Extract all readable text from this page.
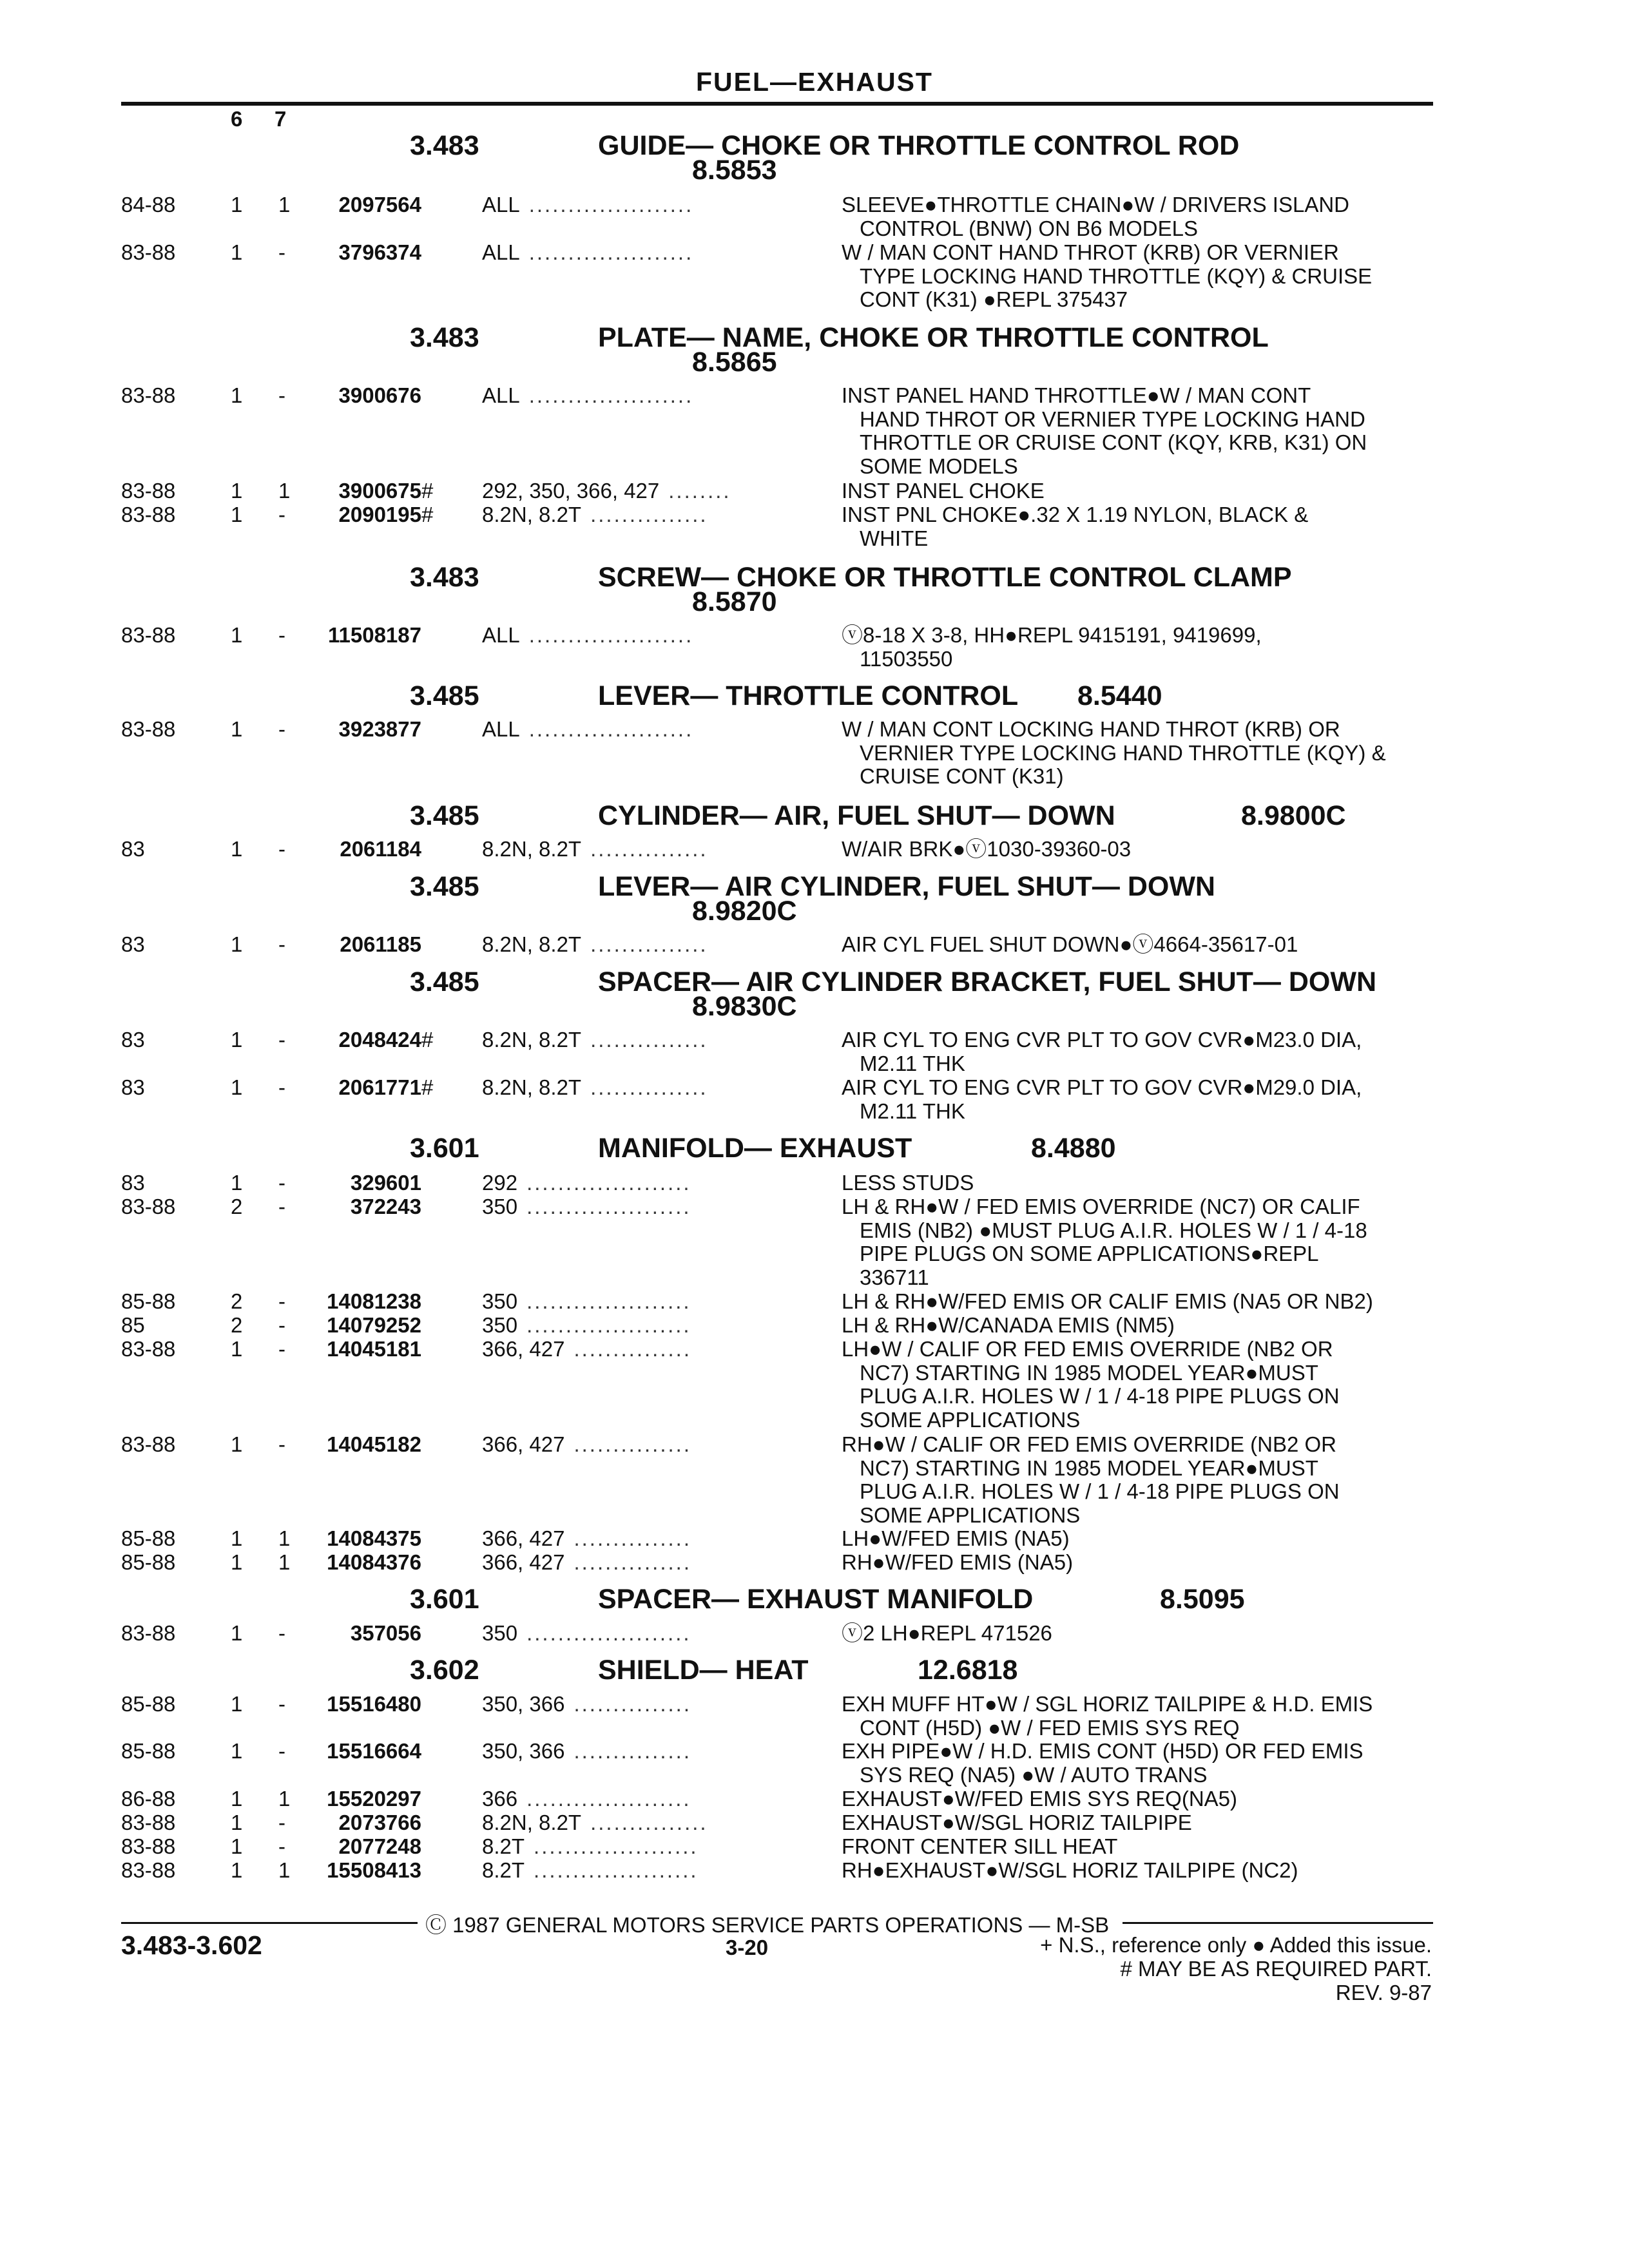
FUEL—EXHAUST
6 7
3.483	GUIDE— CHOKE OR THROTTLE CONTROL ROD
8.5853
84-88	1 1	2097564	ALL .....................	SLEEVE●THROTTLE CHAIN●W / DRIVERS ISLAND
CONTROL (BNW) ON B6 MODELS
83-88	1 -	3796374	ALL .....................	W / MAN CONT HAND THROT (KRB) OR VERNIER
TYPE LOCKING HAND THROTTLE (KQY) & CRUISE
CONT (K31) ●REPL 375437
3.483	PLATE— NAME, CHOKE OR THROTTLE CONTROL
8.5865
83-88	1 -	3900676	ALL .....................	INST PANEL HAND THROTTLE●W / MAN CONT
HAND THROT OR VERNIER TYPE LOCKING HAND
THROTTLE OR CRUISE CONT (KQY, KRB, K31) ON
SOME MODELS
83-88	1 1	3900675 # 292, 350, 366, 427 ........	INST PANEL CHOKE
83-88	1 -	2090195 # 8.2N, 8.2T ...............	INST PNL CHOKE●.32 X 1.19 NYLON, BLACK &
WHITE
3.483	SCREW— CHOKE OR THROTTLE CONTROL CLAMP
8.5870
83-88	1 -	11508187	ALL .....................	ⓥ8-18 X 3-8, HH●REPL 9415191, 9419699,
11503550
3.485	LEVER— THROTTLE CONTROL 8.5440
83-88	1 -	3923877	ALL .....................	W / MAN CONT LOCKING HAND THROT (KRB) OR
VERNIER TYPE LOCKING HAND THROTTLE (KQY) &
CRUISE CONT (K31)
3.485	CYLINDER— AIR, FUEL SHUT— DOWN	8.9800C
83	1 -	2061184	8.2N, 8.2T ...............	W/AIR BRK●ⓥ1030-39360-03
3.485	LEVER— AIR CYLINDER, FUEL SHUT— DOWN
8.9820C
83	1 -	2061185	8.2N, 8.2T ...............	AIR CYL FUEL SHUT DOWN●ⓥ4664-35617-01
3.485	SPACER— AIR CYLINDER BRACKET, FUEL SHUT— DOWN
8.9830C
83	1 -	2048424 # 8.2N, 8.2T ...............	AIR CYL TO ENG CVR PLT TO GOV CVR●M23.0 DIA,
M2.11 THK
83	1 -	2061771 # 8.2N, 8.2T ...............	AIR CYL TO ENG CVR PLT TO GOV CVR●M29.0 DIA,
M2.11 THK
3.601	MANIFOLD— EXHAUST	8.4880
83	1 -	329601	292 .....................	LESS STUDS
83-88	2 -	372243	350 .....................	LH & RH●W / FED EMIS OVERRIDE (NC7) OR CALIF
EMIS (NB2) ●MUST PLUG A.I.R. HOLES W / 1 / 4-18
PIPE PLUGS ON SOME APPLICATIONS●REPL
336711
85-88	2 -	14081238	350 .....................	LH & RH●W/FED EMIS OR CALIF EMIS (NA5 OR NB2)
85	2 -	14079252	350 .....................	LH & RH●W/CANADA EMIS (NM5)
83-88	1 -	14045181	366, 427 ...............	LH●W / CALIF OR FED EMIS OVERRIDE (NB2 OR
NC7) STARTING IN 1985 MODEL YEAR●MUST
PLUG A.I.R. HOLES W / 1 / 4-18 PIPE PLUGS ON
SOME APPLICATIONS
83-88	1 -	14045182	366, 427 ...............	RH●W / CALIF OR FED EMIS OVERRIDE (NB2 OR
NC7) STARTING IN 1985 MODEL YEAR●MUST
PLUG A.I.R. HOLES W / 1 / 4-18 PIPE PLUGS ON
SOME APPLICATIONS
85-88	1 1	14084375	366, 427 ...............	LH●W/FED EMIS (NA5)
85-88	1 1	14084376	366, 427 ...............	RH●W/FED EMIS (NA5)
3.601	SPACER— EXHAUST MANIFOLD	8.5095
83-88	1 -	357056	350 .....................	ⓥ2 LH●REPL 471526
3.602	SHIELD— HEAT	12.6818
85-88	1 -	15516480	350, 366 ...............	EXH MUFF HT●W / SGL HORIZ TAILPIPE & H.D. EMIS
CONT (H5D) ●W / FED EMIS SYS REQ
85-88	1 -	15516664	350, 366 ...............	EXH PIPE●W / H.D. EMIS CONT (H5D) OR FED EMIS
SYS REQ (NA5) ●W / AUTO TRANS
86-88	1 1	15520297	366 .....................	EXHAUST●W/FED EMIS SYS REQ(NA5)
83-88	1 -	2073766	8.2N, 8.2T ...............	EXHAUST●W/SGL HORIZ TAILPIPE
83-88	1 -	2077248	8.2T .....................	FRONT CENTER SILL HEAT
83-88	1 1	15508413	8.2T .....................	RH●EXHAUST●W/SGL HORIZ TAILPIPE (NC2)
Ⓒ 1987 GENERAL MOTORS SERVICE PARTS OPERATIONS — M-SB
3.483-3.602	3-20	+ N.S., reference only ● Added this issue.
# MAY BE AS REQUIRED PART.
REV. 9-87
